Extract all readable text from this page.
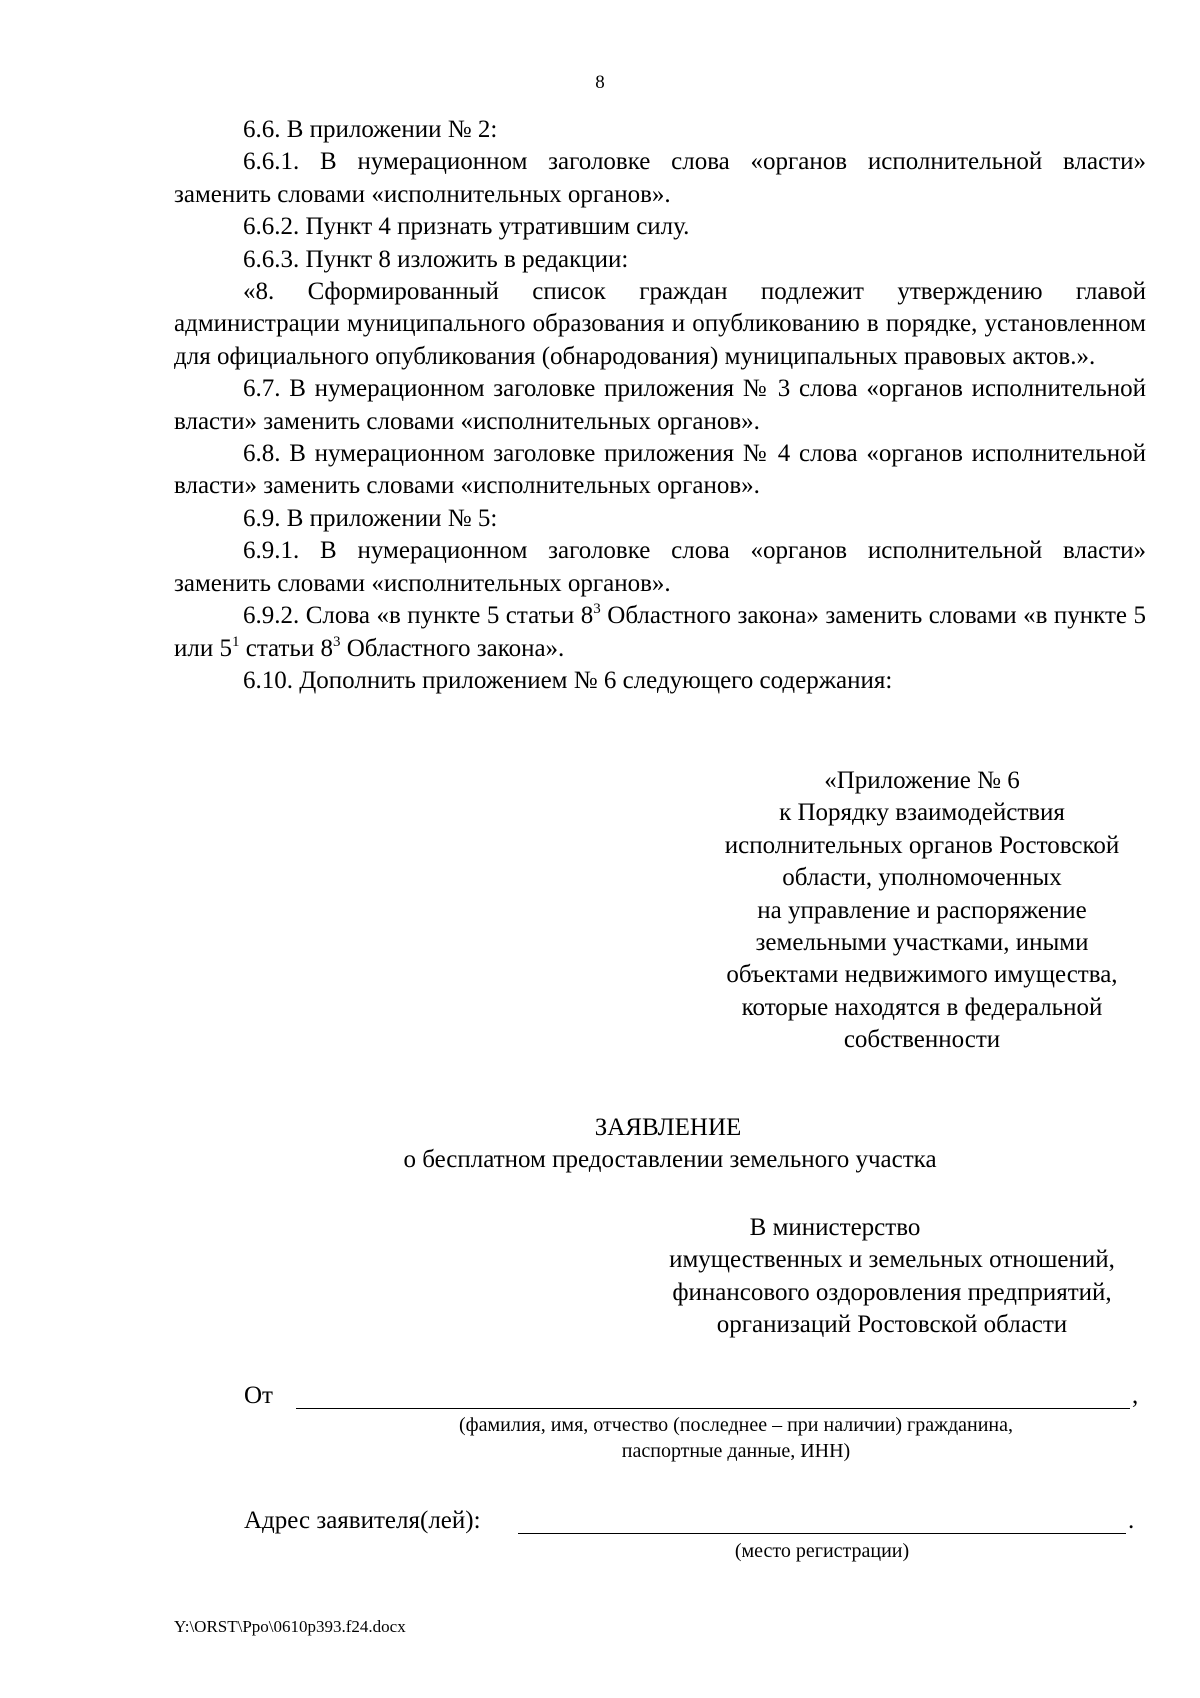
8

6.6. В приложении № 2:

6.6.1. В нумерационном заголовке слова «органов исполнительной власти» заменить словами «исполнительных органов».

6.6.2. Пункт 4 признать утратившим силу.

6.6.3. Пункт 8 изложить в редакции:

«8. Сформированный список граждан подлежит утверждению главой администрации муниципального образования и опубликованию в порядке, установленном для официального опубликования (обнародования) муниципальных правовых актов.».

6.7. В нумерационном заголовке приложения № 3 слова «органов исполнительной власти» заменить словами «исполнительных органов».

6.8. В нумерационном заголовке приложения № 4 слова «органов исполнительной власти» заменить словами «исполнительных органов».

6.9. В приложении № 5:

6.9.1. В нумерационном заголовке слова «органов исполнительной власти» заменить словами «исполнительных органов».

6.9.2. Слова «в пункте 5 статьи $8^3$ Областного закона» заменить словами «в пункте 5 или $5^1$ статьи $8^3$ Областного закона».

6.10. Дополнить приложением № 6 следующего содержания:

«Приложение № 6
к Порядку взаимодействия
исполнительных органов Ростовской
области, уполномоченных
на управление и распоряжение
земельными участками, иными
объектами недвижимого имущества,
которые находятся в федеральной
собственности
ЗАЯВЛЕНИЕ
о бесплатном предоставлении земельного участка
В министерство
имущественных и земельных отношений,
финансового оздоровления предприятий,
организаций Ростовской области
От	,
(фамилия, имя, отчество (последнее – при наличии) гражданина,
паспортные данные, ИНН)
Адрес заявителя(лей):	.
(место регистрации)
Y:\ORST\Ppo\0610p393.f24.docx
